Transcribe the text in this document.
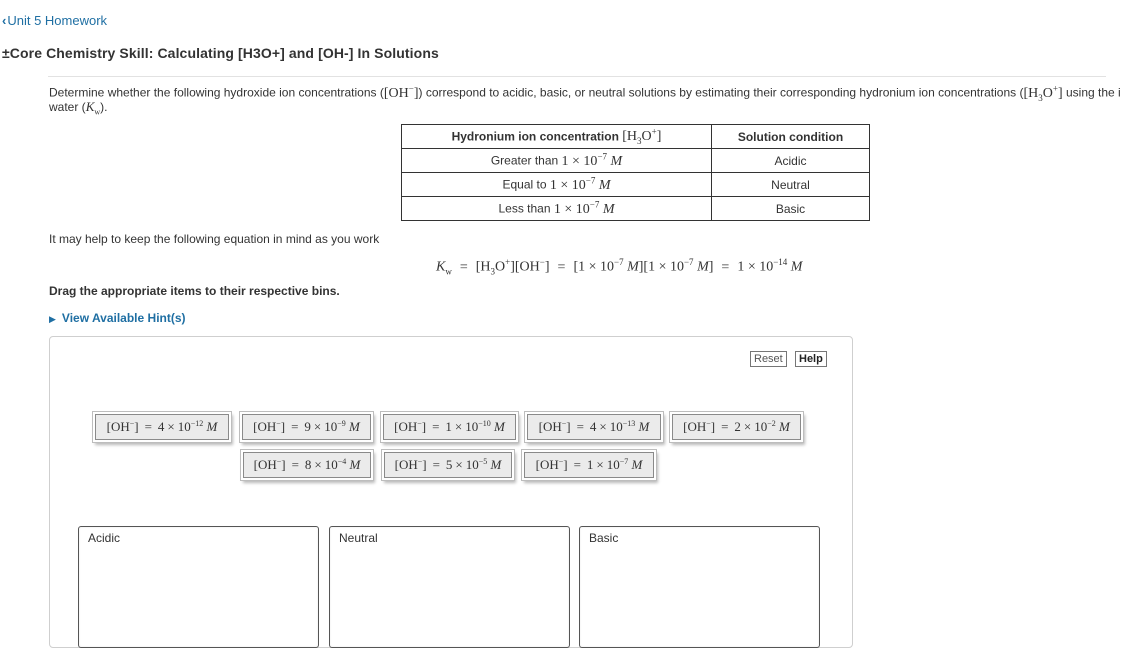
‹Unit 5 Homework
±Core Chemistry Skill: Calculating [H3O+] and [OH-] In Solutions
Determine whether the following hydroxide ion concentrations ([OH−]) correspond to acidic, basic, or neutral solutions by estimating their corresponding hydronium ion concentrations ($[H_3O^+]$ using the i
water $(K_w)$.
Hydronium ion concentration $[H_3O^+]$	Solution condition
Greater than $1 \times 10^{-7}$ M	Acidic
Equal to $1 \times 10^{-7}$ M	Neutral
Less than $1 \times 10^{-7}$ M	Basic
It may help to keep the following equation in mind as you work
$K_w = [H_3O^+][OH^-] = [1 \times 10^{-7}$ $M][1 \times 10^{-7}$ $M] = 1 \times 10^{-14}$ M
Drag the appropriate items to their respective bins.
▶ View Available Hint(s)
Reset	Help
[OH− ] = $4 \times 10^{-12}$
M	[OH− ] = $9 \times 10^{-9}$
M	[OH− ] = $1 \times 10^{-10}$
M	[OH− ] = $4 \times 10^{-13}$
M	[OH− ] = $2 \times 10^{-2}$
M
[OH− ] = $8 \times 10^{-4}$
M	[OH− ] = $5 \times 10^{-5}$
M	[OH− ] = $1 \times 10^{-7}$
M
Acidic	Neutral	Basic
